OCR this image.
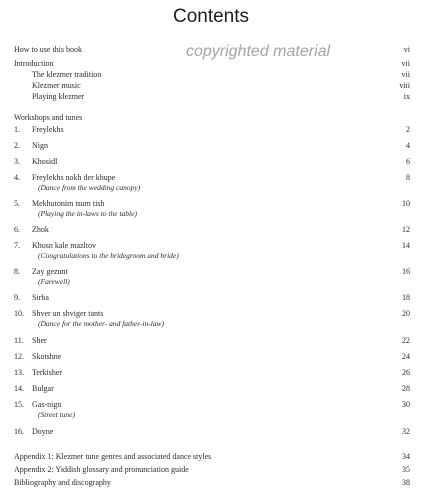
Contents
copyrighted material
How to use this book	vi
Introduction	vii
The klezmer tradition	vii
Klezmer music	viii
Playing klezmer	ix
Workshops and tunes
1.	Freylekhs	2
2.	Nign	4
3.	Khosidl	6
4.	Freylekhs nokh der khupe	8
(Dance from the wedding canopy)
5.	Mekhutonim tsum tish	10
(Playing the in-laws to the table)
6.	Zhok	12
7.	Khosn kale mazltov	14
(Congratulations to the bridegroom and bride)
8.	Zay gezunt	16
(Farewell)
9.	Sirba	18
10.	Shver un shviger tants	20
(Dance for the mother- and father-in-law)
11.	Sher	22
12.	Skotshne	24
13.	Terkisher	26
14.	Bulgar	28
15.	Gas-nign	30
(Street tune)
16.	Doyne	32
Appendix 1: Klezmer tune genres and associated dance styles	34
Appendix 2: Yiddish glossary and pronunciation guide	35
Bibliography and discography	38
